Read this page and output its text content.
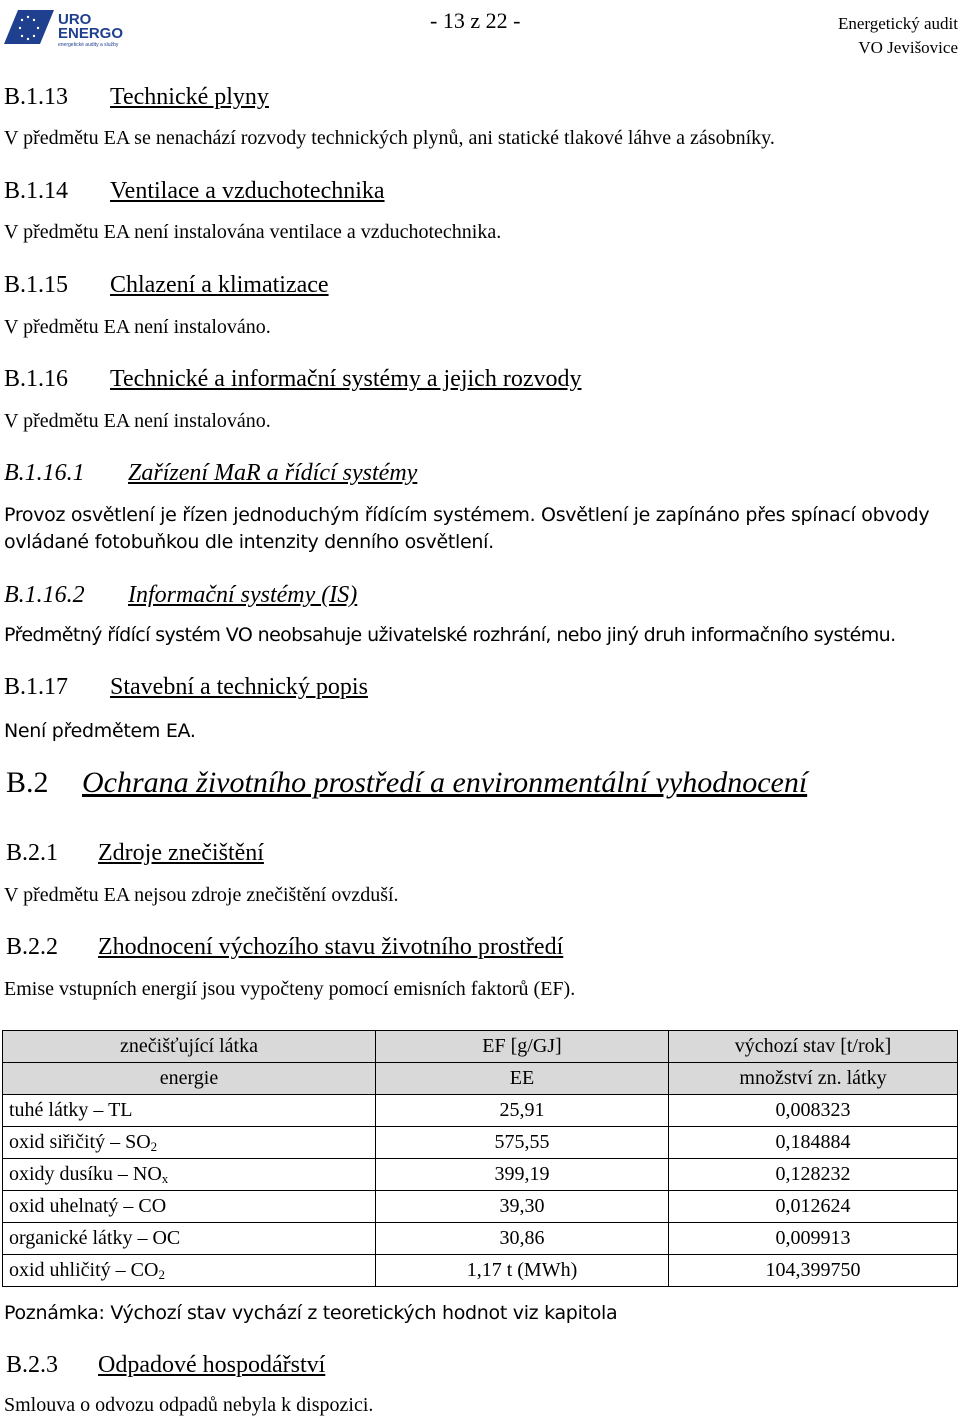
URO
ENERGO
energetické audity a služby
- 13 z 22 -	Energetický audit
VO Jevišovice
B.1.13 Technické plyny
V předmětu EA se nenachází rozvody technických plynů, ani statické tlakové láhve a zásobníky.
B.1.14 Ventilace a vzduchotechnika
V předmětu EA není instalována ventilace a vzduchotechnika.
B.1.15 Chlazení a klimatizace
V předmětu EA není instalováno.
B.1.16 Technické a informační systémy a jejich rozvody
V předmětu EA není instalováno.
B.1.16.1 Zařízení MaR a řídící systémy
Provoz osvětlení je řízen jednoduchým řídícím systémem. Osvětlení je zapínáno přes spínací obvody
ovládané fotobuňkou dle intenzity denního osvětlení.
B.1.16.2 Informační systémy (IS)
Předmětný řídící systém VO neobsahuje uživatelské rozhrání, nebo jiný druh informačního systému.
B.1.17 Stavební a technický popis
Není předmětem EA.
B.2 Ochrana životního prostředí a environmentální vyhodnocení
B.2.1 Zdroje znečištění
V předmětu EA nejsou zdroje znečištění ovzduší.
B.2.2 Zhodnocení výchozího stavu životního prostředí
Emise vstupních energií jsou vypočteny pomocí emisních faktorů (EF).
znečišťující látka	EF [g/GJ]	výchozí stav [t/rok]
energie	EE	množství zn. látky
tuhé látky – TL	25,91	0,008323
oxid siřičitý – $SO_2$	575,55	0,184884
oxidy dusíku – $NO_x$	399,19	0,128232
oxid uhelnatý – CO	39,30	0,012624
organické látky – OC	30,86	0,009913
oxid uhličitý – $CO_2$	1,17 t (MWh)	104,399750
Poznámka: Výchozí stav vychází z teoretických hodnot viz kapitola
B.2.3 Odpadové hospodářství
Smlouva o odvozu odpadů nebyla k dispozici.
